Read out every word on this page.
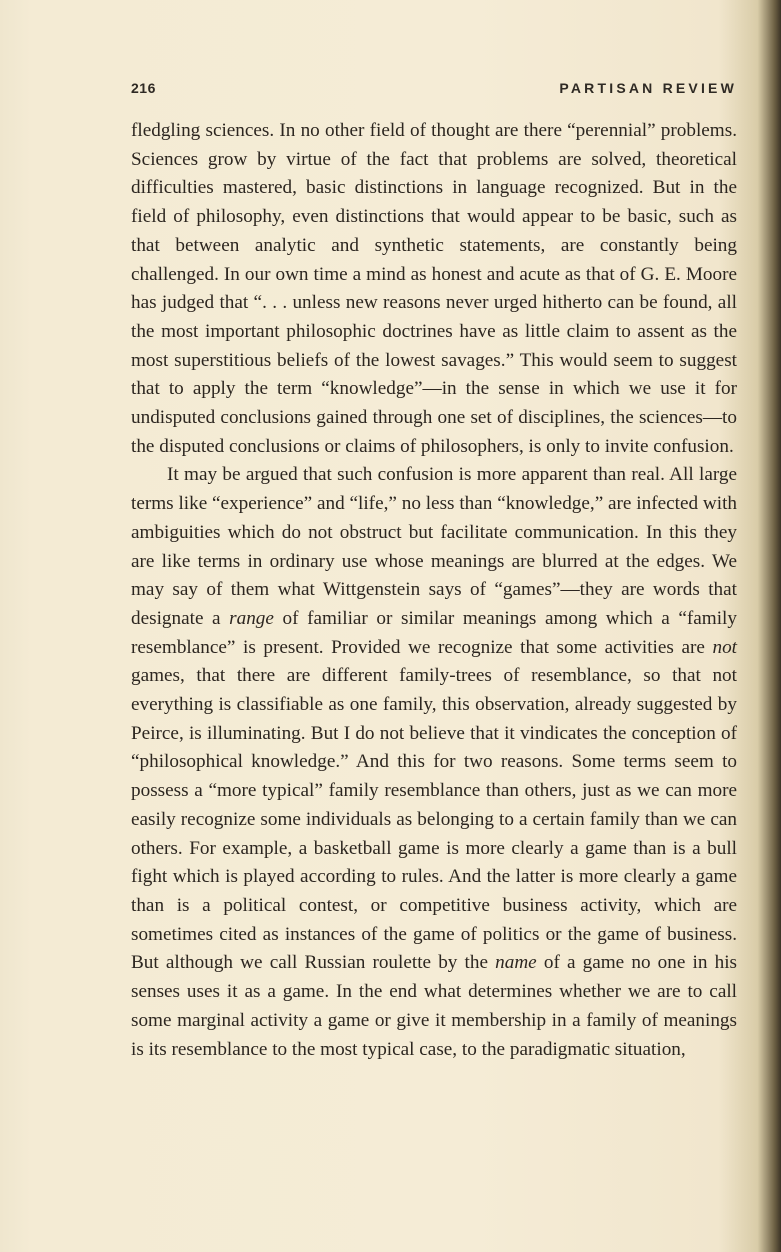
216	PARTISAN REVIEW

fledgling sciences. In no other field of thought are there “perennial” problems. Sciences grow by virtue of the fact that problems are solved, theoretical difficulties mastered, basic distinctions in language recognized. But in the field of philosophy, even distinctions that would appear to be basic, such as that between analytic and synthetic statements, are constantly being challenged. In our own time a mind as honest and acute as that of G. E. Moore has judged that “. . . unless new reasons never urged hitherto can be found, all the most important philosophic doctrines have as little claim to assent as the most superstitious beliefs of the lowest savages.” This would seem to suggest that to apply the term “knowledge”—in the sense in which we use it for undisputed conclusions gained through one set of disciplines, the sciences—to the disputed conclusions or claims of philosophers, is only to invite confusion.

It may be argued that such confusion is more apparent than real. All large terms like “experience” and “life,” no less than “knowledge,” are infected with ambiguities which do not obstruct but facilitate communication. In this they are like terms in ordinary use whose meanings are blurred at the edges. We may say of them what Wittgenstein says of “games”—they are words that designate a range of familiar or similar meanings among which a “family resemblance” is present. Provided we recognize that some activities are not games, that there are different family-trees of resemblance, so that not everything is classifiable as one family, this observation, already suggested by Peirce, is illuminating. But I do not believe that it vindicates the conception of “philosophical knowledge.” And this for two reasons. Some terms seem to possess a “more typical” family resemblance than others, just as we can more easily recognize some individuals as belonging to a certain family than we can others. For example, a basketball game is more clearly a game than is a bull fight which is played according to rules. And the latter is more clearly a game than is a political contest, or competitive business activity, which are sometimes cited as instances of the game of politics or the game of business. But although we call Russian roulette by the name of a game no one in his senses uses it as a game. In the end what determines whether we are to call some marginal activity a game or give it membership in a family of meanings is its resemblance to the most typical case, to the paradigmatic situation,
